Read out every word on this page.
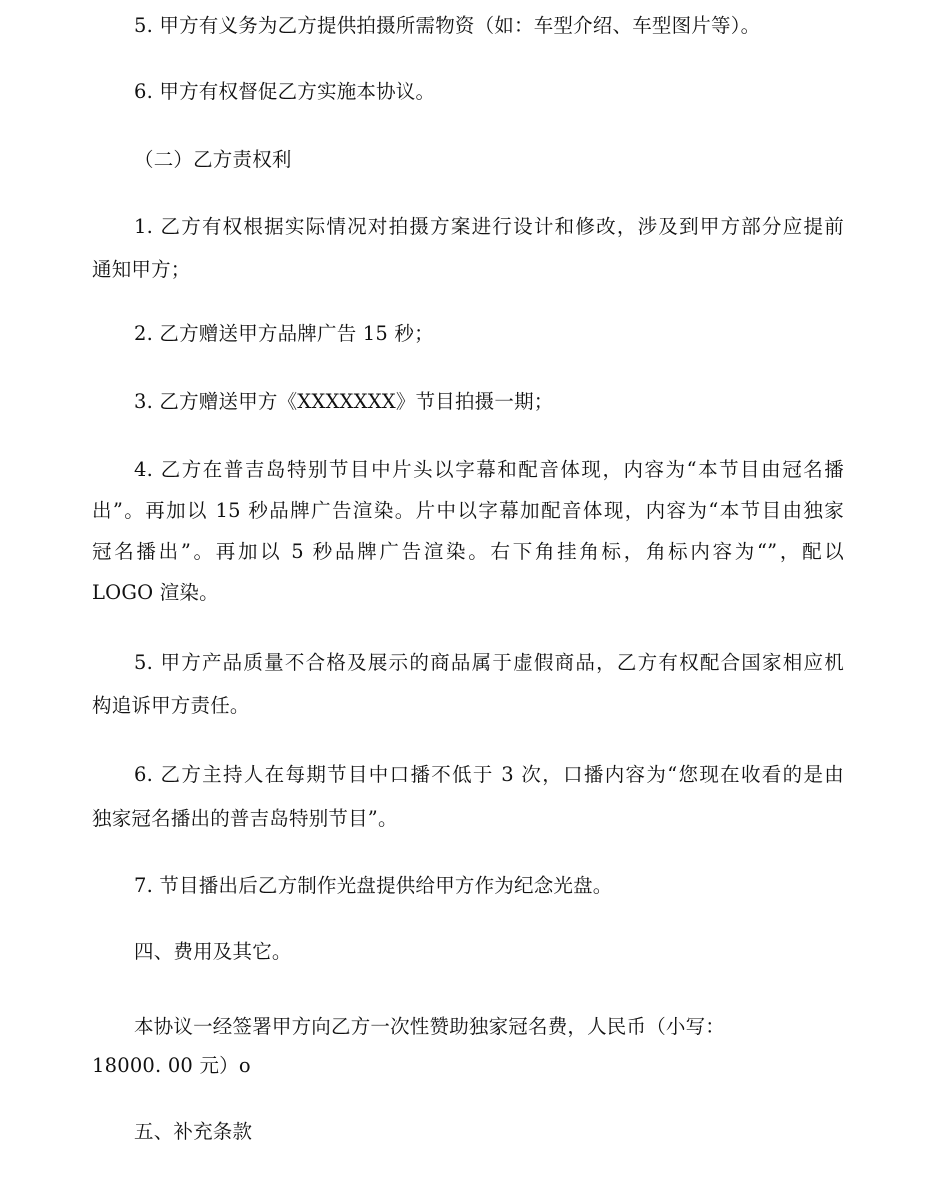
5. 甲方有义务为乙方提供拍摄所需物资（如：车型介绍、车型图片等）。
6. 甲方有权督促乙方实施本协议。
（二）乙方责权利
1. 乙方有权根据实际情况对拍摄方案进行设计和修改，涉及到甲方部分应提前
通知甲方；
2. 乙方赠送甲方品牌广告 15 秒；
3. 乙方赠送甲方《XXXXXXX》节目拍摄一期；
4. 乙方在普吉岛特别节目中片头以字幕和配音体现，内容为“本节目由冠名播
出”。再加以 15 秒品牌广告渲染。片中以字幕加配音体现，内容为“本节目由独家
冠名播出”。再加以 5 秒品牌广告渲染。右下角挂角标，角标内容为“”，配以
LOGO 渲染。
5. 甲方产品质量不合格及展示的商品属于虚假商品，乙方有权配合国家相应机
构追诉甲方责任。
6. 乙方主持人在每期节目中口播不低于 3 次，口播内容为“您现在收看的是由
独家冠名播出的普吉岛特别节目”。
7. 节目播出后乙方制作光盘提供给甲方作为纪念光盘。
四、费用及其它。
本协议一经签署甲方向乙方一次性赞助独家冠名费，人民币（小写：
18000. 00 元）o
五、补充条款
